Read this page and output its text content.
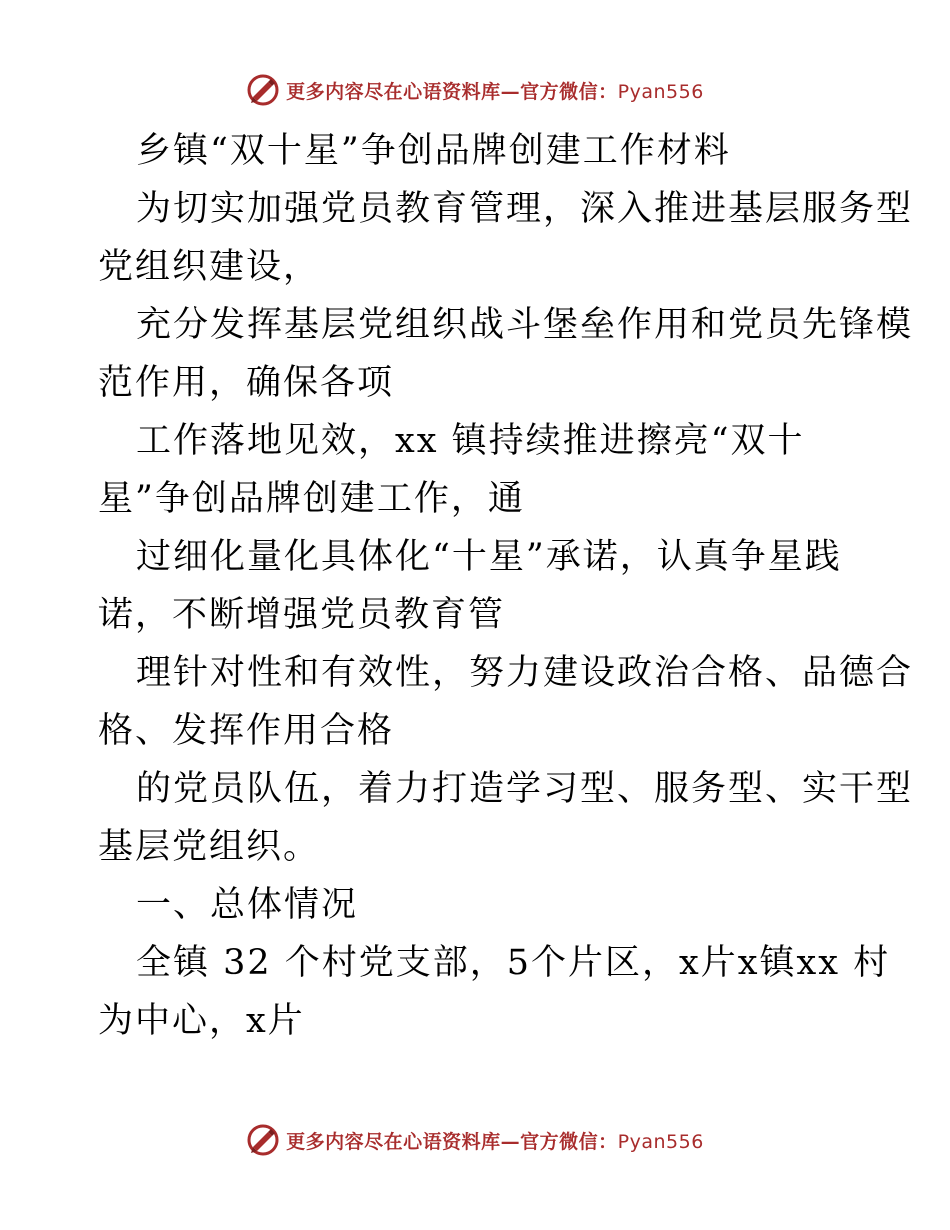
更多内容尽在心语资料库—官方微信：Pyan556
乡镇“双十星”争创品牌创建工作材料
为切实加强党员教育管理，深入推进基层服务型
党组织建设，
充分发挥基层党组织战斗堡垒作用和党员先锋模
范作用，确保各项
工作落地见效，xx 镇持续推进擦亮“双十
星”争创品牌创建工作，通
过细化量化具体化“十星”承诺，认真争星践
诺，不断增强党员教育管
理针对性和有效性，努力建设政治合格、品德合
格、发挥作用合格
的党员队伍，着力打造学习型、服务型、实干型
基层党组织。
一、总体情况
全镇 32 个村党支部，5个片区，x片x镇xx 村
为中心，x片
更多内容尽在心语资料库—官方微信：Pyan556
